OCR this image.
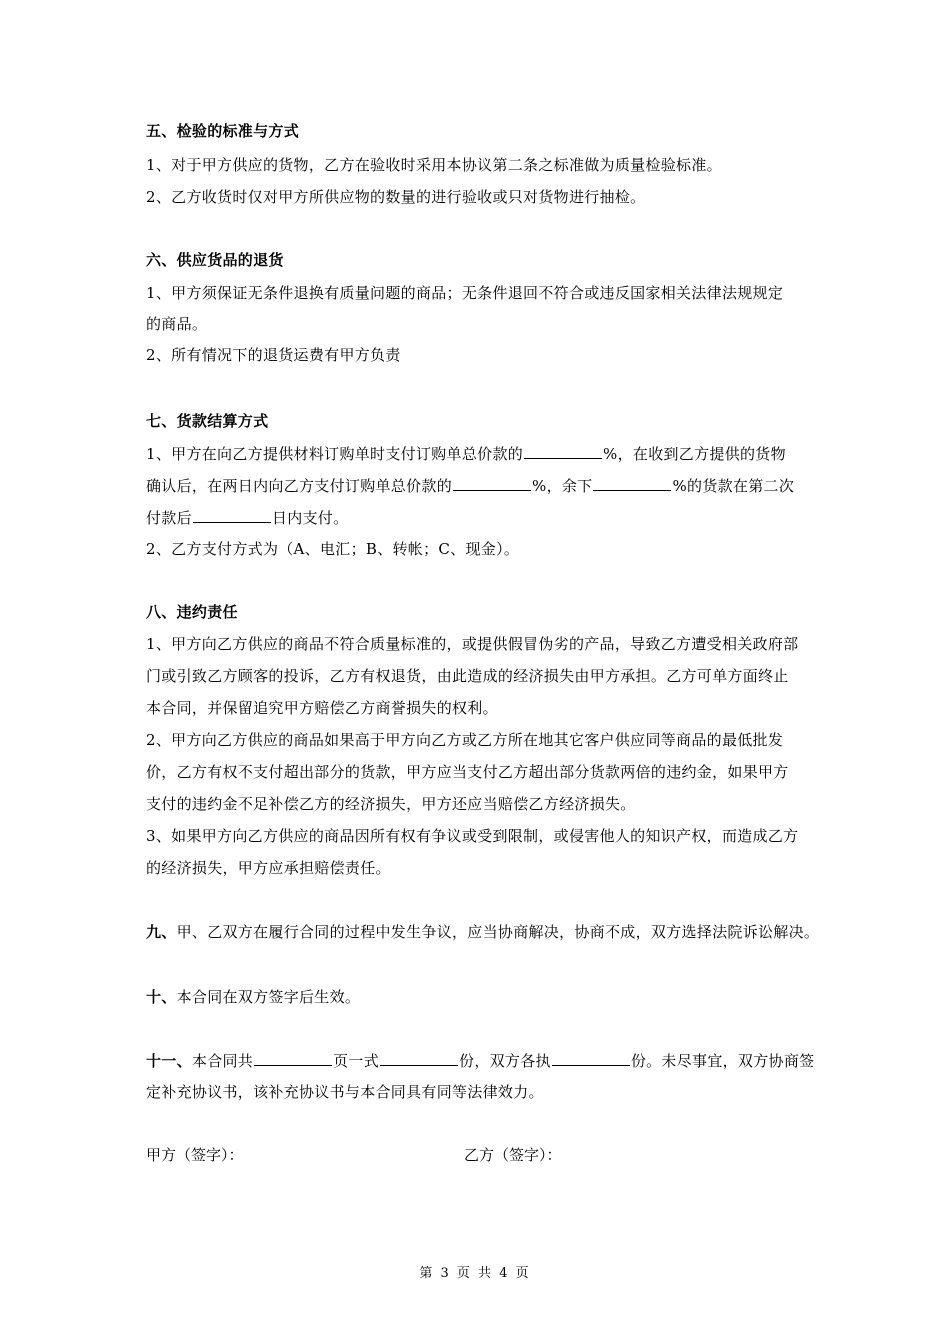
五、检验的标准与方式
1、对于甲方供应的货物，乙方在验收时采用本协议第二条之标准做为质量检验标准。
2、乙方收货时仅对甲方所供应物的数量的进行验收或只对货物进行抽检。
六、供应货品的退货
1、甲方须保证无条件退换有质量问题的商品；无条件退回不符合或违反国家相关法律法规规定
的商品。
2、所有情况下的退货运费有甲方负责
七、货款结算方式
1、甲方在向乙方提供材料订购单时支付订购单总价款的	%，在收到乙方提供的货物
确认后，在两日内向乙方支付订购单总价款的	%，余下	%的货款在第二次
付款后	日内支付。
2、乙方支付方式为（A、电汇；B、转帐；C、现金）。
八、违约责任
1、甲方向乙方供应的商品不符合质量标准的，或提供假冒伪劣的产品，导致乙方遭受相关政府部
门或引致乙方顾客的投诉，乙方有权退货，由此造成的经济损失由甲方承担。乙方可单方面终止
本合同，并保留追究甲方赔偿乙方商誉损失的权利。
2、甲方向乙方供应的商品如果高于甲方向乙方或乙方所在地其它客户供应同等商品的最低批发
价，乙方有权不支付超出部分的货款，甲方应当支付乙方超出部分货款两倍的违约金，如果甲方
支付的违约金不足补偿乙方的经济损失，甲方还应当赔偿乙方经济损失。
3、如果甲方向乙方供应的商品因所有权有争议或受到限制，或侵害他人的知识产权，而造成乙方
的经济损失，甲方应承担赔偿责任。
九、甲、乙双方在履行合同的过程中发生争议，应当协商解决，协商不成，双方选择法院诉讼解决。
十、本合同在双方签字后生效。
十一、本合同共	页一式	份，双方各执	份。未尽事宜，双方协商签
定补充协议书，该补充协议书与本合同具有同等法律效力。
甲方（签字）：	乙方（签字）：
第 3 页 共 4 页
